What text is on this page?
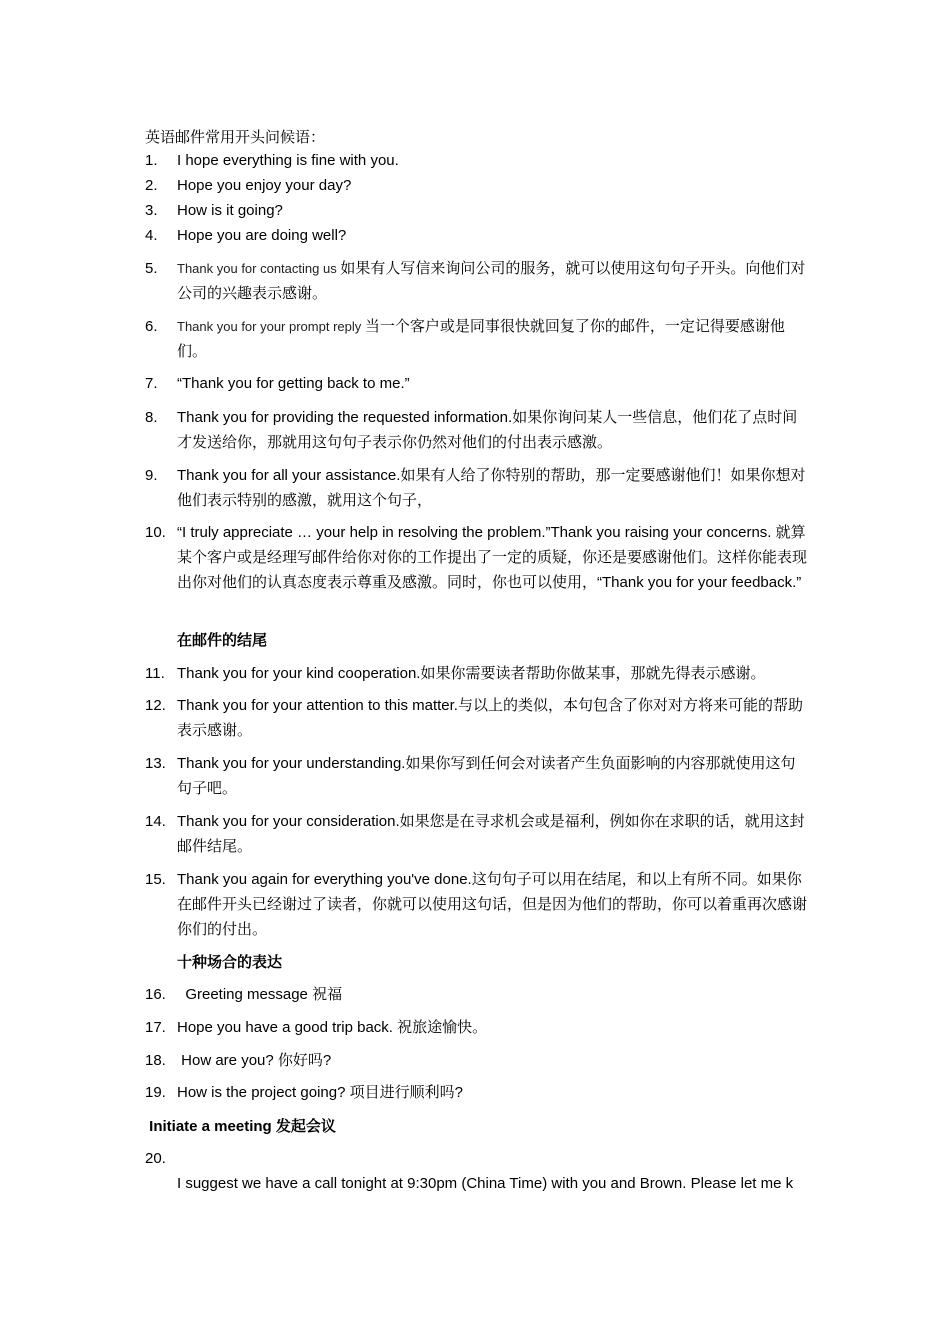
英语邮件常用开头问候语：
1.	I hope everything is fine with you.
2.	Hope you enjoy your day?
3.	How is it going?
4.	Hope you are doing well?
5.	Thank you for contacting us 如果有人写信来询问公司的服务，就可以使用这句句子开头。向他们对公司的兴趣表示感谢。
6.	Thank you for your prompt reply 当一个客户或是同事很快就回复了你的邮件，一定记得要感谢他们。
7.	“Thank you for getting back to me.”
8.	Thank you for providing the requested information.如果你询问某人一些信息，他们花了点时间才发送给你，那就用这句句子表示你仍然对他们的付出表示感激。
9.	Thank you for all your assistance.如果有人给了你特别的帮助，那一定要感谢他们！如果你想对他们表示特别的感激，就用这个句子，
10. “I truly appreciate … your help in resolving the problem.”Thank you raising your concerns. 就算某个客户或是经理写邮件给你对你的工作提出了一定的质疑，你还是要感谢他们。这样你能表现出你对他们的认真态度表示尊重及感激。同时，你也可以使用，“Thank you for your feedback.”
在邮件的结尾
11. Thank you for your kind cooperation.如果你需要读者帮助你做某事，那就先得表示感谢。
12. Thank you for your attention to this matter.与以上的类似，本句包含了你对对方将来可能的帮助表示感谢。
13. Thank you for your understanding.如果你写到任何会对读者产生负面影响的内容那就使用这句句子吧。
14. Thank you for your consideration.如果您是在寻求机会或是福利，例如你在求职的话，就用这封邮件结尾。
15. Thank you again for everything you've done.这句句子可以用在结尾，和以上有所不同。如果你在邮件开头已经谢过了读者，你就可以使用这句话，但是因为他们的帮助，你可以着重再次感谢你们的付出。
十种场合的表达
16. Greeting message 祝福
17. Hope you have a good trip back. 祝旅途愉快。
18. How are you? 你好吗?
19. How is the project going? 项目进行顺利吗?
Initiate a meeting 发起会议
20.
I suggest we have a call tonight at 9:30pm (China Time) with you and Brown. Please let me k
